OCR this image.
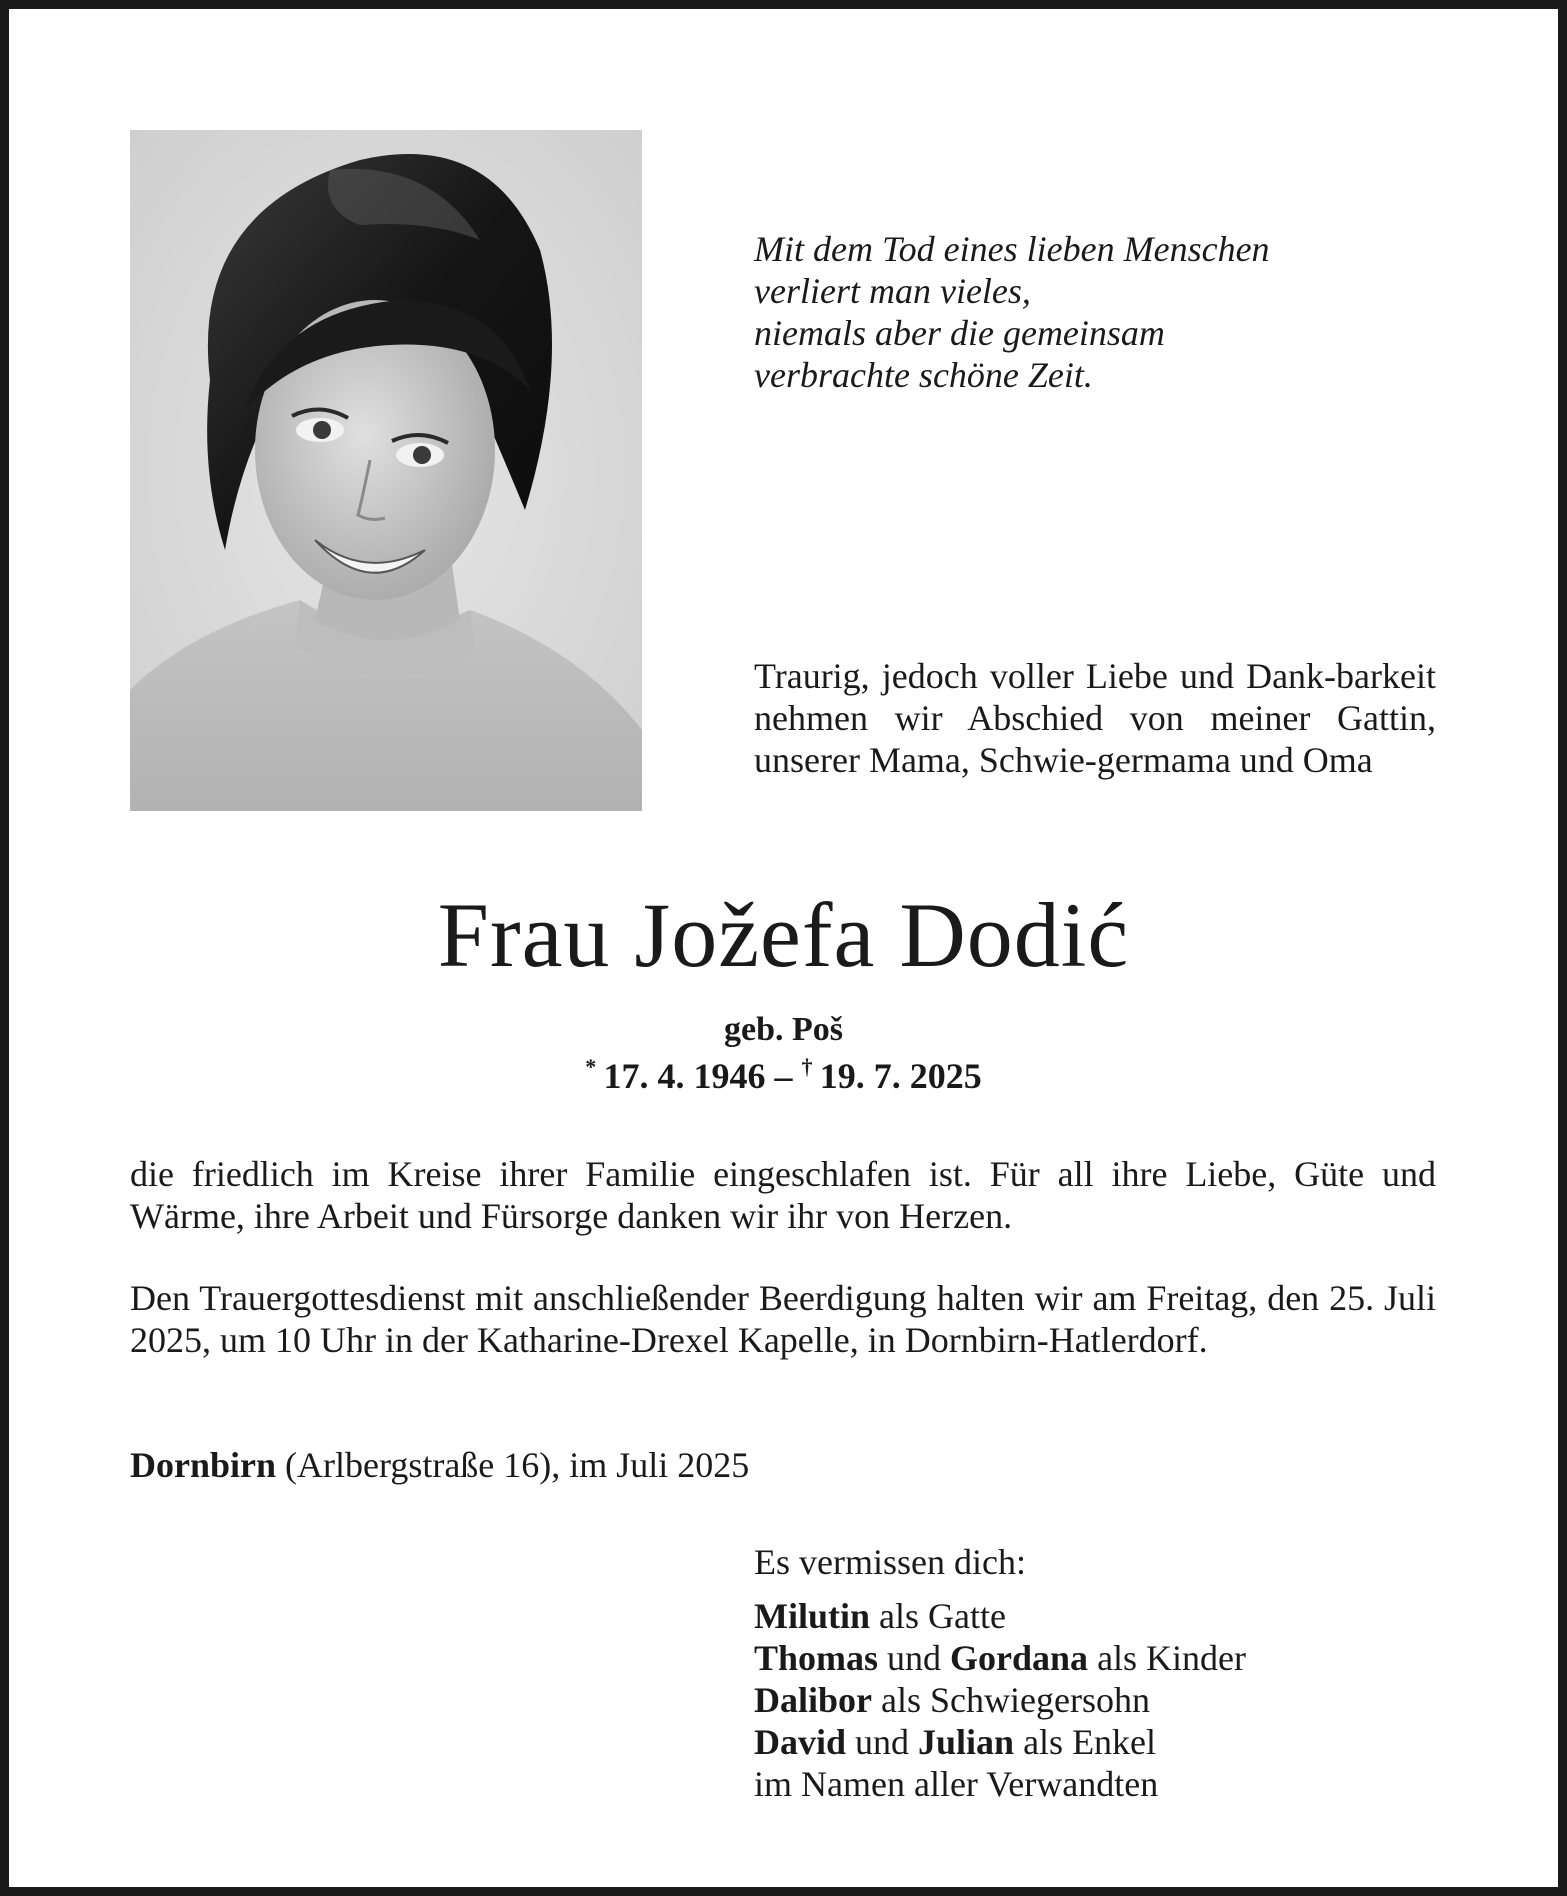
Mit dem Tod eines lieben Menschen
verliert man vieles,
niemals aber die gemeinsam
verbrachte schöne Zeit.
Traurig, jedoch voller Liebe und Dank-barkeit nehmen wir Abschied von meiner Gattin, unserer Mama, Schwie-germama und Oma
Frau Jožefa Dodić
geb. Poš
*  17. 4. 1946 – †  19. 7. 2025
die friedlich im Kreise ihrer Familie eingeschlafen ist. Für all ihre Liebe, Güte und Wärme, ihre Arbeit und Fürsorge danken wir ihr von Herzen.
Den Trauergottesdienst mit anschließender Beerdigung halten wir am Freitag, den 25. Juli 2025, um 10 Uhr in der Katharine-Drexel Kapelle, in Dornbirn-Hatlerdorf.
Dornbirn (Arlbergstraße 16), im Juli 2025
Es vermissen dich:
Milutin als Gatte
Thomas und Gordana als Kinder
Dalibor als Schwiegersohn
David und Julian als Enkel
im Namen aller Verwandten
